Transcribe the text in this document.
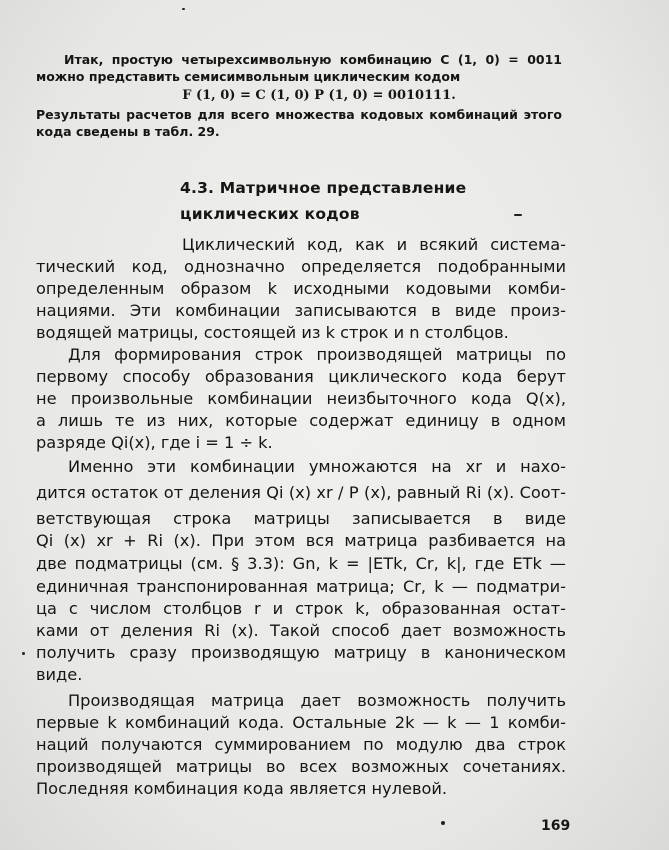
Итак, простую четырехсимвольную комбинацию C (1, 0) = 0011

можно представить семисимвольным циклическим кодом

F (1, 0) = C (1, 0) P (1, 0) = 0010111.

Результаты расчетов для всего множества кодовых комбинаций этого

кода сведены в табл. 29.

4.3. Матричное представление
циклических кодов

Циклический код, как и всякий система-

тический код, однозначно определяется подобранными

определенным образом k исходными кодовыми комби-

нациями. Эти комбинации записываются в виде произ-

водящей матрицы, состоящей из k строк и n столбцов.

Для формирования строк производящей матрицы по

первому способу образования циклического кода берут

не произвольные комбинации неизбыточного кода Q(x),

а лишь те из них, которые содержат единицу в одном

разряде Qi(x), где i = 1 ÷ k.

Именно эти комбинации умножаются на xr и нахо-

дится остаток от деления Qi (x) xr / P (x), равный Ri (x). Соот-

ветствующая строка матрицы записывается в виде

Qi (x) xr + Ri (x). При этом вся матрица разбивается на

две подматрицы (см. § 3.3): Gn, k = |ETk, Cr, k|, где ETk —

единичная транспонированная матрица; Cr, k — подматри-

ца с числом столбцов r и строк k, образованная остат-

ками от деления Ri (x). Такой способ дает возможность

получить сразу производящую матрицу в каноническом

виде.

Производящая матрица дает возможность получить

первые k комбинаций кода. Остальные 2k — k — 1 комби-

наций получаются суммированием по модулю два строк

производящей матрицы во всех возможных сочетаниях.

Последняя комбинация кода является нулевой.

169
